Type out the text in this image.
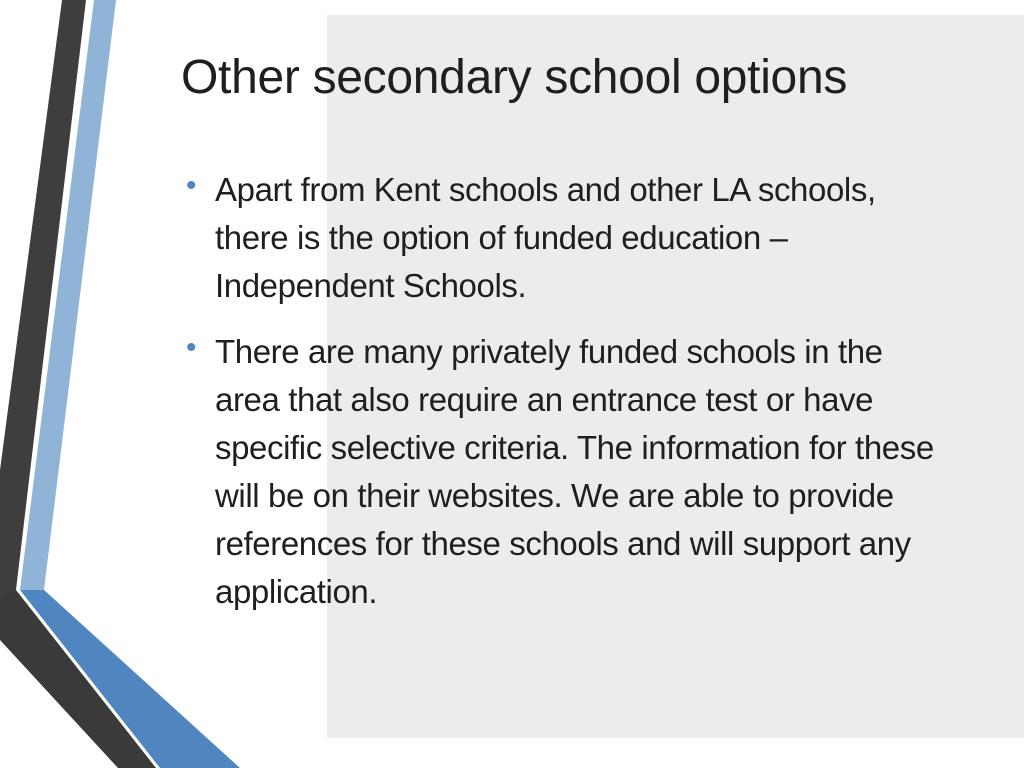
Other secondary school options
• Apart from Kent schools and other LA schools, there is the option of funded education – Independent Schools.
• There are many privately funded schools in the area that also require an entrance test or have specific selective criteria. The information for these will be on their websites. We are able to provide references for these schools and will support any application.
